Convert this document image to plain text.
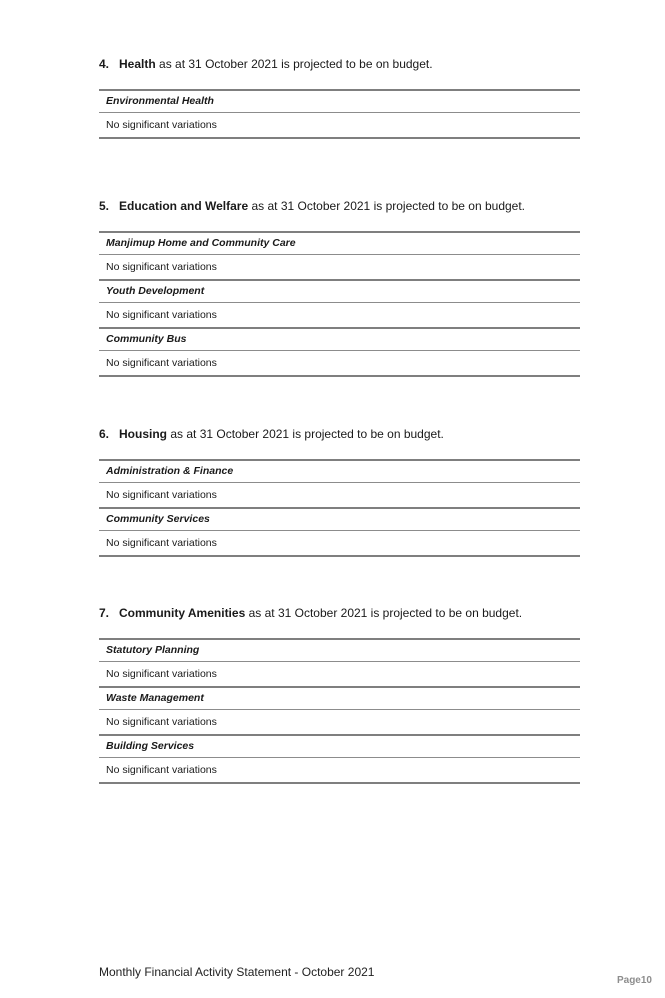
4. Health as at 31 October 2021 is projected to be on budget.
Environmental Health
No significant variations
5. Education and Welfare as at 31 October 2021 is projected to be on budget.
Manjimup Home and Community Care
No significant variations
Youth Development
No significant variations
Community Bus
No significant variations
6. Housing as at 31 October 2021 is projected to be on budget.
Administration & Finance
No significant variations
Community Services
No significant variations
7. Community Amenities as at 31 October 2021 is projected to be on budget.
Statutory Planning
No significant variations
Waste Management
No significant variations
Building Services
No significant variations
Monthly Financial Activity Statement - October 2021
Page10
